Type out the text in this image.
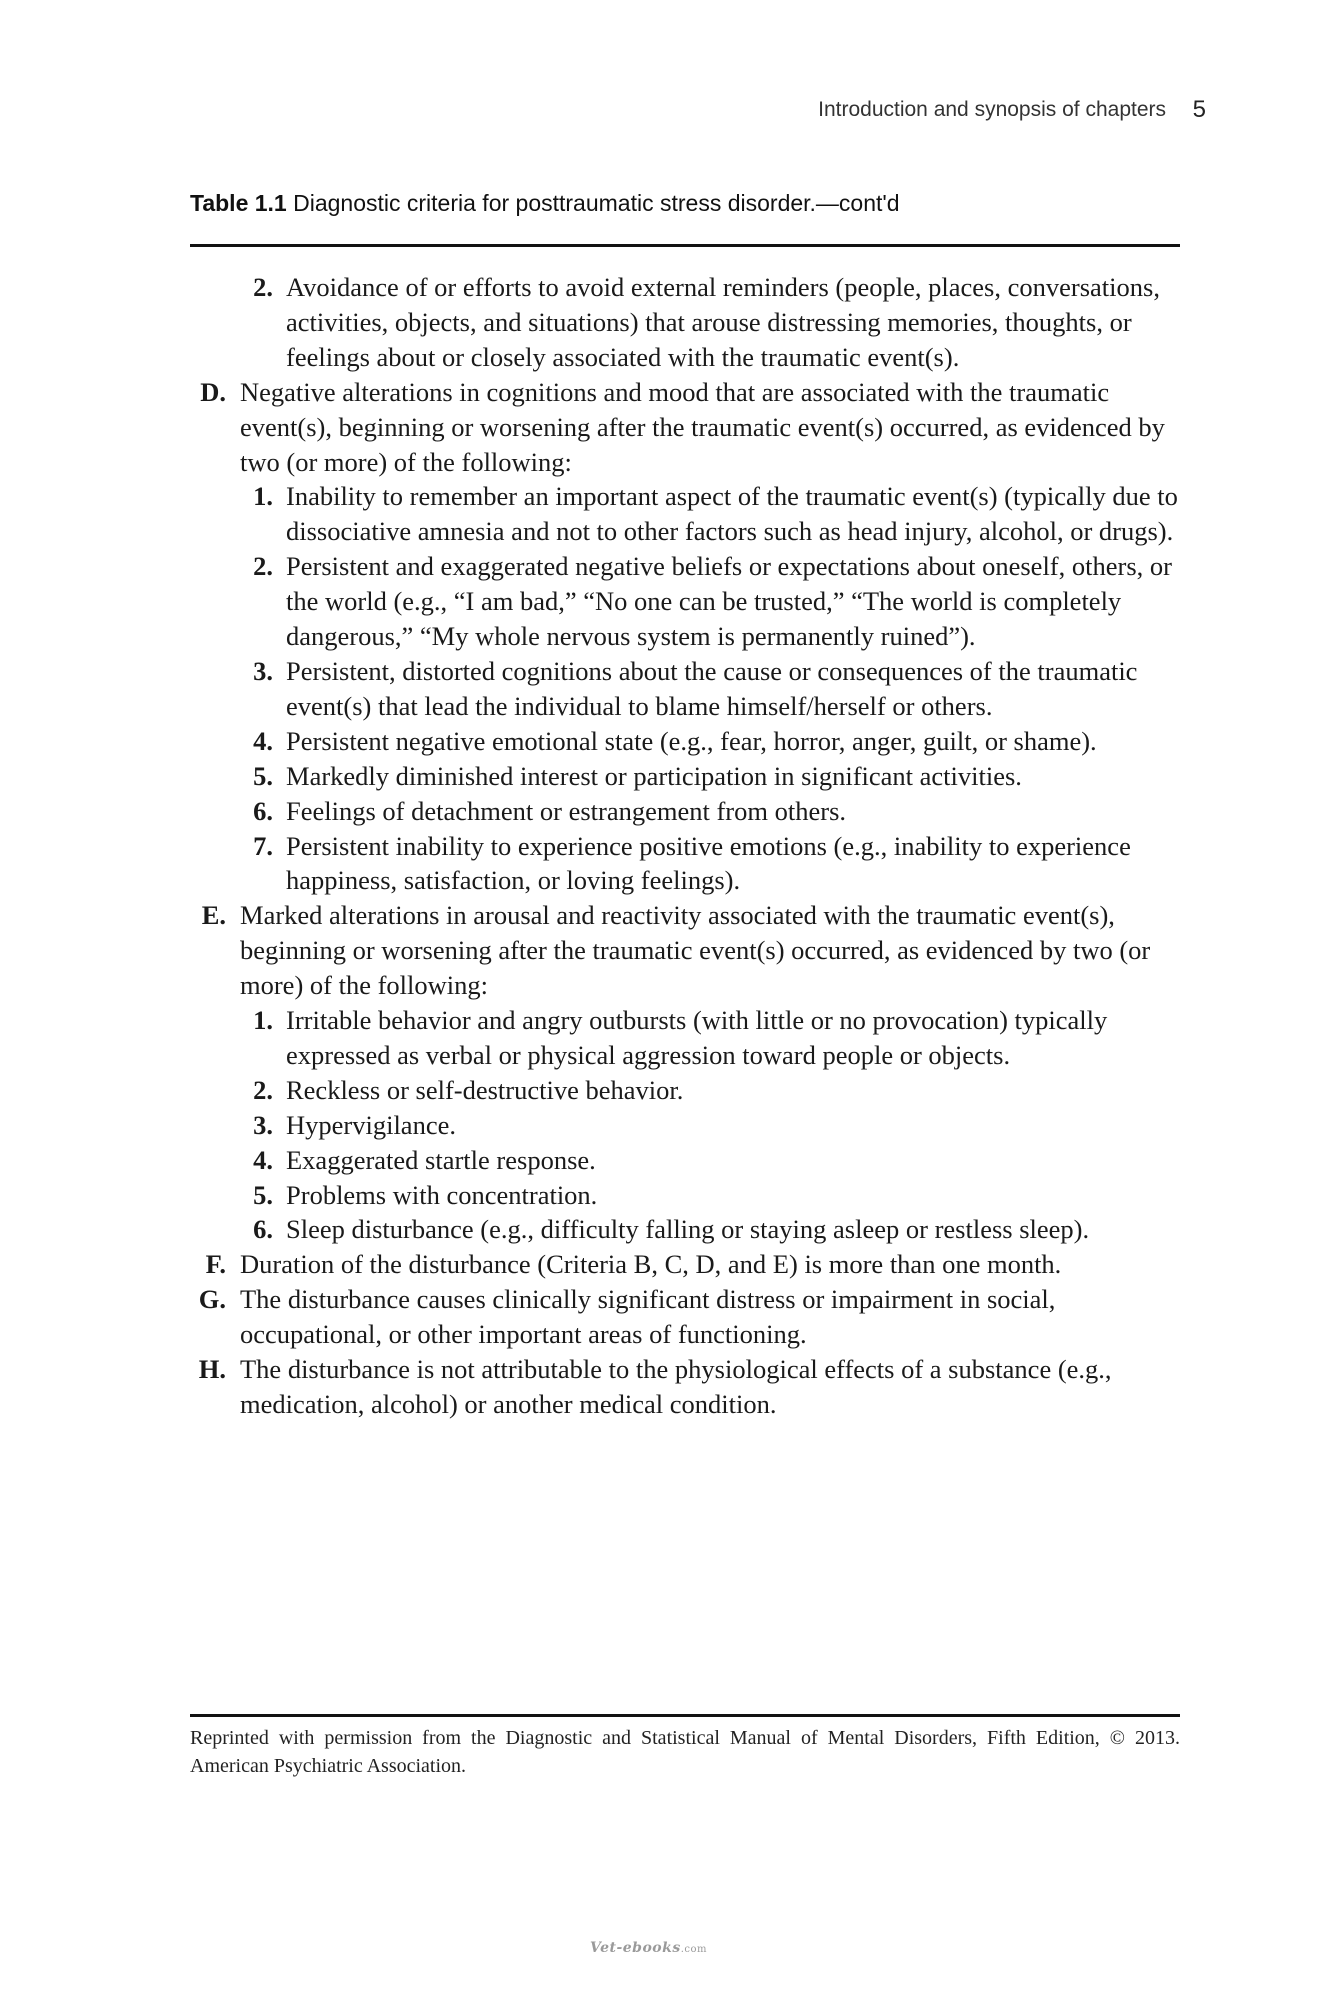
Introduction and synopsis of chapters 5
Table 1.1 Diagnostic criteria for posttraumatic stress disorder.—cont'd
2. Avoidance of or efforts to avoid external reminders (people, places, conversations, activities, objects, and situations) that arouse distressing memories, thoughts, or feelings about or closely associated with the traumatic event(s).
D. Negative alterations in cognitions and mood that are associated with the traumatic event(s), beginning or worsening after the traumatic event(s) occurred, as evidenced by two (or more) of the following:
1. Inability to remember an important aspect of the traumatic event(s) (typically due to dissociative amnesia and not to other factors such as head injury, alcohol, or drugs).
2. Persistent and exaggerated negative beliefs or expectations about oneself, others, or the world (e.g., “I am bad,” “No one can be trusted,” “The world is completely dangerous,” “My whole nervous system is permanently ruined”).
3. Persistent, distorted cognitions about the cause or consequences of the traumatic event(s) that lead the individual to blame himself/herself or others.
4. Persistent negative emotional state (e.g., fear, horror, anger, guilt, or shame).
5. Markedly diminished interest or participation in significant activities.
6. Feelings of detachment or estrangement from others.
7. Persistent inability to experience positive emotions (e.g., inability to experience happiness, satisfaction, or loving feelings).
E. Marked alterations in arousal and reactivity associated with the traumatic event(s), beginning or worsening after the traumatic event(s) occurred, as evidenced by two (or more) of the following:
1. Irritable behavior and angry outbursts (with little or no provocation) typically expressed as verbal or physical aggression toward people or objects.
2. Reckless or self-destructive behavior.
3. Hypervigilance.
4. Exaggerated startle response.
5. Problems with concentration.
6. Sleep disturbance (e.g., difficulty falling or staying asleep or restless sleep).
F. Duration of the disturbance (Criteria B, C, D, and E) is more than one month.
G. The disturbance causes clinically significant distress or impairment in social, occupational, or other important areas of functioning.
H. The disturbance is not attributable to the physiological effects of a substance (e.g., medication, alcohol) or another medical condition.
Reprinted with permission from the Diagnostic and Statistical Manual of Mental Disorders, Fifth Edition, © 2013. American Psychiatric Association.
Vet-ebooks.com
